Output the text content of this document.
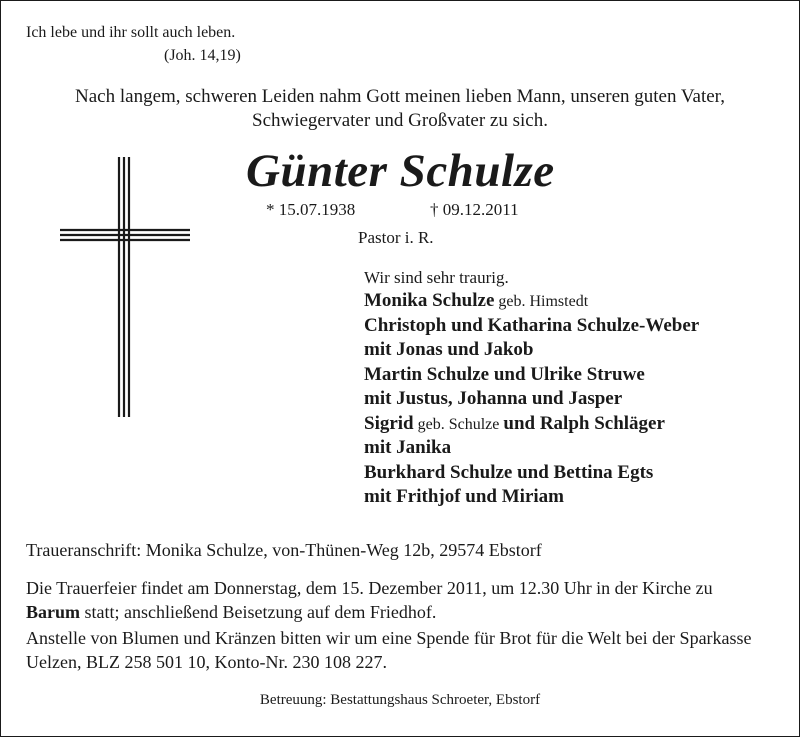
Ich lebe und ihr sollt auch leben.
(Joh. 14,19)
Nach langem, schweren Leiden nahm Gott meinen lieben Mann, unseren guten Vater,
Schwiegervater und Großvater zu sich.
Günter Schulze
* 15.07.1938	† 09.12.2011
Pastor i. R.
Wir sind sehr traurig.
Monika Schulze geb. Himstedt
Christoph und Katharina Schulze-Weber
mit Jonas und Jakob
Martin Schulze und Ulrike Struwe
mit Justus, Johanna und Jasper
Sigrid geb. Schulze und Ralph Schläger
mit Janika
Burkhard Schulze und Bettina Egts
mit Frithjof und Miriam
Traueranschrift: Monika Schulze, von-Thünen-Weg 12b, 29574 Ebstorf
Die Trauerfeier findet am Donnerstag, dem 15. Dezember 2011, um 12.30 Uhr in der Kirche zu
Barum statt; anschließend Beisetzung auf dem Friedhof.
Anstelle von Blumen und Kränzen bitten wir um eine Spende für Brot für die Welt bei der Sparkasse
Uelzen, BLZ 258 501 10, Konto-Nr. 230 108 227.
Betreuung: Bestattungshaus Schroeter, Ebstorf
